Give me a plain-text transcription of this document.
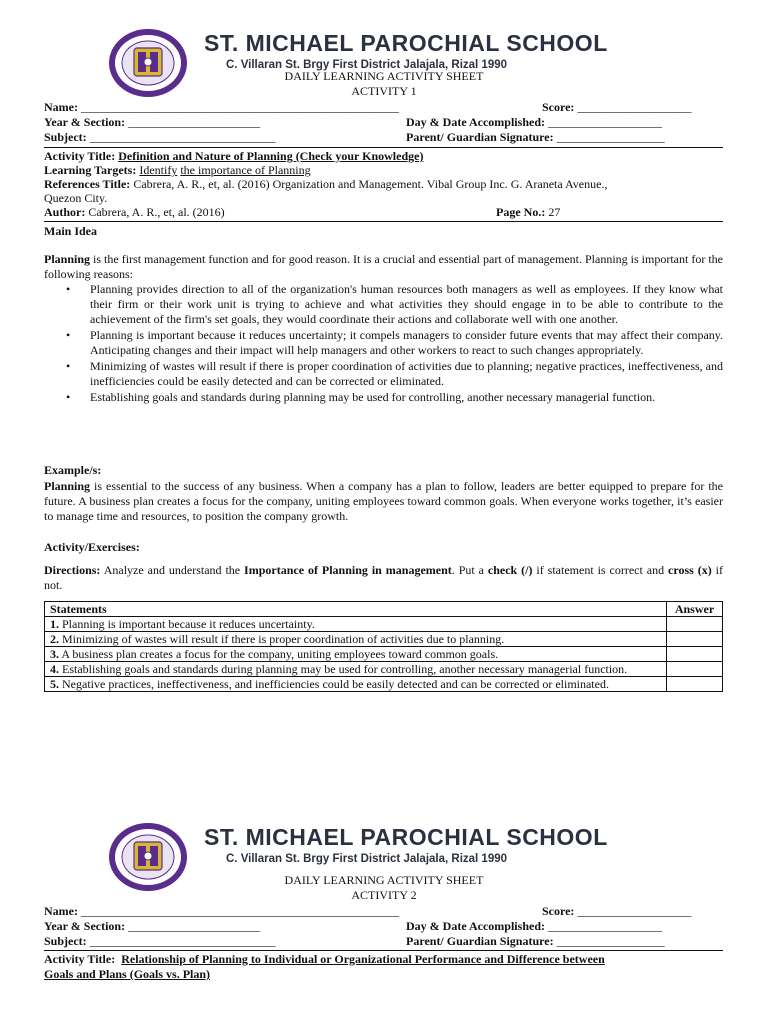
ST. MICHAEL PAROCHIAL SCHOOL
C. Villaran St. Brgy First District Jalajala, Rizal 1990
DAILY LEARNING ACTIVITY SHEET
ACTIVITY 1
Name: _____________________________________________________	Score: ___________________
Year & Section: ______________________	Day & Date Accomplished: ___________________
Subject: _______________________________	Parent/ Guardian Signature: __________________
Activity Title: Definition and Nature of Planning (Check your Knowledge)
Learning Targets: Identify the importance of Planning
References Title: Cabrera, A. R., et, al. (2016) Organization and Management. Vibal Group Inc. G. Araneta Avenue.,
Quezon City.
Author: Cabrera, A. R., et, al. (2016)	Page No.: 27
Main Idea
Planning is the first management function and for good reason. It is a crucial and essential part of management. Planning is important for the following reasons:
• Planning provides direction to all of the organization's human resources both managers as well as employees. If they know what their firm or their work unit is trying to achieve and what activities they should engage in to be able to contribute to the achievement of the firm's set goals, they would coordinate their actions and collaborate well with one another.
• Planning is important because it reduces uncertainty; it compels managers to consider future events that may affect their company. Anticipating changes and their impact will help managers and other workers to react to such changes appropriately.
• Minimizing of wastes will result if there is proper coordination of activities due to planning; negative practices, ineffectiveness, and inefficiencies could be easily detected and can be corrected or eliminated.
• Establishing goals and standards during planning may be used for controlling, another necessary managerial function.
Example/s:
Planning is essential to the success of any business. When a company has a plan to follow, leaders are better equipped to prepare for the future. A business plan creates a focus for the company, uniting employees toward common goals. When everyone works together, it’s easier to manage time and resources, to position the company growth.
Activity/Exercises:
Directions: Analyze and understand the Importance of Planning in management. Put a check (/) if statement is correct and cross (x) if not.
Statements	Answer
1. Planning is important because it reduces uncertainty.	
2. Minimizing of wastes will result if there is proper coordination of activities due to planning.	
3. A business plan creates a focus for the company, uniting employees toward common goals.	
4. Establishing goals and standards during planning may be used for controlling, another necessary managerial function.	
5. Negative practices, ineffectiveness, and inefficiencies could be easily detected and can be corrected or eliminated.	
ST. MICHAEL PAROCHIAL SCHOOL
C. Villaran St. Brgy First District Jalajala, Rizal 1990
DAILY LEARNING ACTIVITY SHEET
ACTIVITY 2
Name: _____________________________________________________	Score: ___________________
Year & Section: ______________________	Day & Date Accomplished: ___________________
Subject: _______________________________	Parent/ Guardian Signature: __________________
Activity Title: Relationship of Planning to Individual or Organizational Performance and Difference between
Goals and Plans (Goals vs. Plan)
